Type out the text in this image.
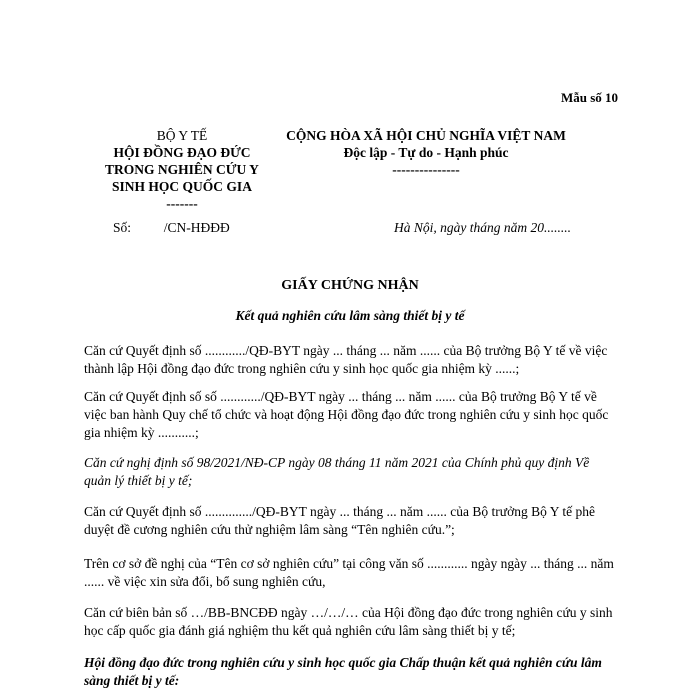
Mẫu số 10
BỘ Y TẾ
HỘI ĐỒNG ĐẠO ĐỨC
TRONG NGHIÊN CỨU Y
SINH HỌC QUỐC GIA
-------
CỘNG HÒA XÃ HỘI CHỦ NGHĨA VIỆT NAM
Độc lập - Tự do - Hạnh phúc
---------------
Số: /CN-HĐĐĐ	Hà Nội, ngày tháng năm 20........
GIẤY CHỨNG NHẬN
Kết quả nghiên cứu lâm sàng thiết bị y tế
Căn cứ Quyết định số ............/QĐ-BYT ngày ... tháng ... năm ...... của Bộ trưởng Bộ Y tế về việc thành lập Hội đồng đạo đức trong nghiên cứu y sinh học quốc gia nhiệm kỳ ......;
Căn cứ Quyết định số số ............/QĐ-BYT ngày ... tháng ... năm ...... của Bộ trưởng Bộ Y tế về việc ban hành Quy chế tổ chức và hoạt động Hội đồng đạo đức trong nghiên cứu y sinh học quốc gia nhiệm kỳ ...........;
Căn cứ nghị định số 98/2021/NĐ-CP ngày 08 tháng 11 năm 2021 của Chính phủ quy định Về quản lý thiết bị y tế;
Căn cứ Quyết định số ............../QĐ-BYT ngày ... tháng ... năm ...... của Bộ trưởng Bộ Y tế phê duyệt đề cương nghiên cứu thử nghiệm lâm sàng “Tên nghiên cứu.”;
Trên cơ sở đề nghị của “Tên cơ sở nghiên cứu” tại công văn số ............ ngày ngày ... tháng ... năm ...... về việc xin sửa đổi, bổ sung nghiên cứu,
Căn cứ biên bản số …/BB-BNCĐĐ ngày …/…/… của Hội đồng đạo đức trong nghiên cứu y sinh học cấp quốc gia đánh giá nghiệm thu kết quả nghiên cứu lâm sàng thiết bị y tế;
Hội đồng đạo đức trong nghiên cứu y sinh học quốc gia Chấp thuận kết quả nghiên cứu lâm sàng thiết bị y tế:
